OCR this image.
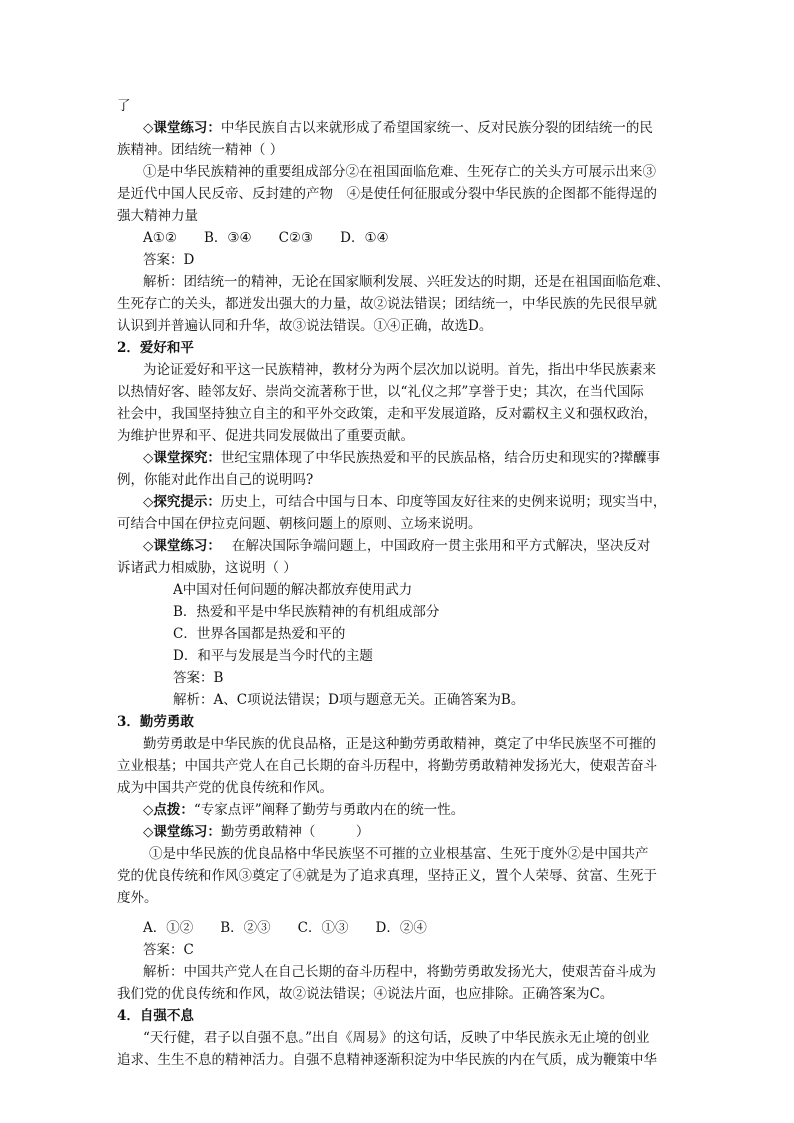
了
◇课堂练习：中华民族自古以来就形成了希望国家统一、反对民族分裂的团结统一的民
族精神。团结统一精神（ ）
①是中华民族精神的重要组成部分②在祖国面临危难、生死存亡的关头方可展示出来③
是近代中国人民反帝、反封建的产物　④是使任何征服或分裂中华民族的企图都不能得逞的
强大精神力量
A①②　　B．③④　　C②③　　D．①④
答案：D
解析：团结统一的精神，无论在国家顺利发展、兴旺发达的时期，还是在祖国面临危难、
生死存亡的关头，都迸发出强大的力量，故②说法错误；团结统一，中华民族的先民很早就
认识到并普遍认同和升华，故③说法错误。①④正确，故选D。
2．爱好和平
为论证爱好和平这一民族精神，教材分为两个层次加以说明。首先，指出中华民族素来
以热情好客、睦邻友好、崇尚交流著称于世，以“礼仪之邦”享誉于史；其次，在当代国际
社会中，我国坚持独立自主的和平外交政策，走和平发展道路，反对霸权主义和强权政治，
为维护世界和平、促进共同发展做出了重要贡献。
◇课堂探究：世纪宝鼎体现了中华民族热爱和平的民族品格，结合历史和现实的?撵醾事
例，你能对此作出自己的说明吗?
◇探究提示：历史上，可结合中国与日本、印度等国友好往来的史例来说明；现实当中，
可结合中国在伊拉克问题、朝核问题上的原则、立场来说明。
◇课堂练习：　 在解决国际争端问题上，中国政府一贯主张用和平方式解决，坚决反对
诉诸武力相威胁，这说明（ ）
A中国对任何问题的解决都放弃使用武力
B．热爱和平是中华民族精神的有机组成部分
C．世界各国都是热爱和平的
D．和平与发展是当今时代的主题
答案：B
解析：A、C项说法错误；D项与题意无关。正确答案为B。
3．勤劳勇敢
勤劳勇敢是中华民族的优良品格，正是这种勤劳勇敢精神，奠定了中华民族坚不可摧的
立业根基；中国共产党人在自己长期的奋斗历程中，将勤劳勇敢精神发扬光大，使艰苦奋斗
成为中国共产党的优良传统和作风。
◇点拨：“专家点评”阐释了勤劳与勇敢内在的统一性。
◇课堂练习：勤劳勇敢精神（　　　）
①是中华民族的优良品格中华民族坚不可摧的立业根基富、生死于度外②是中国共产
党的优良传统和作风③奠定了④就是为了追求真理，坚持正义，置个人荣辱、贫富、生死于
度外。
A．①②　　B．②③　　C．①③　　D．②④
答案：C
解析：中国共产党人在自己长期的奋斗历程中，将勤劳勇敢发扬光大，使艰苦奋斗成为
我们党的优良传统和作风，故②说法错误；④说法片面，也应排除。正确答案为C。
4．自强不息
“天行健，君子以自强不息。”出自《周易》的这句话，反映了中华民族永无止境的创业
追求、生生不息的精神活力。自强不息精神逐渐积淀为中华民族的内在气质，成为鞭策中华
